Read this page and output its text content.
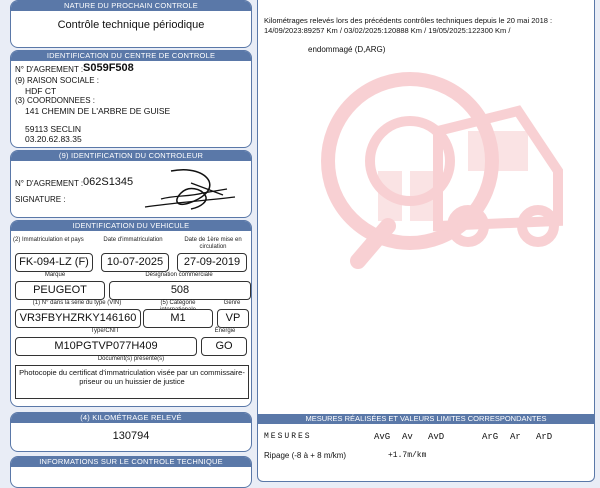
NATURE DU PROCHAIN CONTROLE
Contrôle technique périodique
IDENTIFICATION DU CENTRE DE CONTROLE
N° D'AGREMENT : S059F508
(9) RAISON SOCIALE :
HDF CT
(3) COORDONNEES :
141 CHEMIN DE L'ARBRE DE GUISE
59113 SECLIN
03.20.62.83.35
(9) IDENTIFICATION DU CONTROLEUR
N° D'AGREMENT : 062S1345
SIGNATURE :
IDENTIFICATION DU VEHICULE
(2) Immatriculation et pays	Date d'immatriculation	Date de 1ère mise en circulation
FK-094-LZ (F)	10-07-2025	27-09-2019
Marque	Désignation commerciale
PEUGEOT	508
(1) N° dans la série du type (VIN)	(5) Catégorie	Genre
VR3FBYHZRKY146160	M1	VP
Type/CNIT	Énergie
M10PGTVP077H409	GO
Document(s) présenté(s)
Photocopie du certificat d'immatriculation visée par un commissaire-priseur ou un huissier de justice
(4) KILOMÉTRAGE RELEVÉ
130794
INFORMATIONS SUR LE CONTROLE TECHNIQUE DÉFAVORABLE
Kilométrages relevés lors des précédents contrôles techniques depuis le 20 mai 2018 :
14/09/2023:89257 Km / 03/02/2025:120888 Km / 19/05/2025:122300 Km /
endommagé (D,ARG)
MESURES RÉALISÉES ET VALEURS LIMITES CORRESPONDANTES
MESURES	AvG Av AvD	ArG Ar ArD
Ripage (-8 à + 8 m/km)	+1.7m/km
